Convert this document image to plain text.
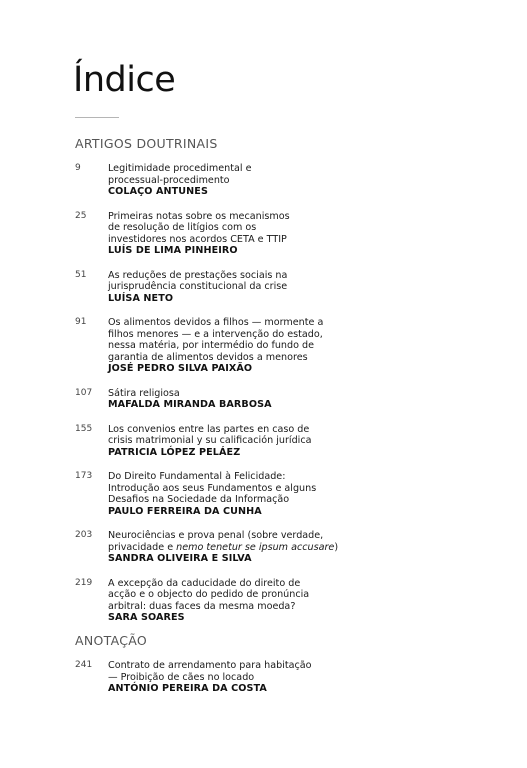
Índice
ARTIGOS DOUTRINAIS
9	Legitimidade procedimental e
processual-procedimento
COLAÇO ANTUNES
25 Primeiras notas sobre os mecanismos
de resolução de litígios com os
investidores nos acordos CETA e TTIP
LUÍS DE LIMA PINHEIRO
51 As reduções de prestações sociais na
jurisprudência constitucional da crise
LUÍSA NETO
91 Os alimentos devidos a filhos — mormente a
filhos menores — e a intervenção do estado,
nessa matéria, por intermédio do fundo de
garantia de alimentos devidos a menores
JOSÉ PEDRO SILVA PAIXÃO
107 Sátira religiosa
MAFALDA MIRANDA BARBOSA
155 Los convenios entre las partes en caso de
crisis matrimonial y su calificación jurídica
PATRICIA LÓPEZ PELÁEZ
173 Do Direito Fundamental à Felicidade:
Introdução aos seus Fundamentos e alguns
Desafios na Sociedade da Informação
PAULO FERREIRA DA CUNHA
203 Neurociências e prova penal (sobre verdade,
privacidade e nemo tenetur se ipsum accusare)
SANDRA OLIVEIRA E SILVA
219 A excepção da caducidade do direito de
acção e o objecto do pedido de pronúncia
arbitral: duas faces da mesma moeda?
SARA SOARES
ANOTAÇÃO
241 Contrato de arrendamento para habitação
— Proibição de cães no locado
ANTÓNIO PEREIRA DA COSTA
